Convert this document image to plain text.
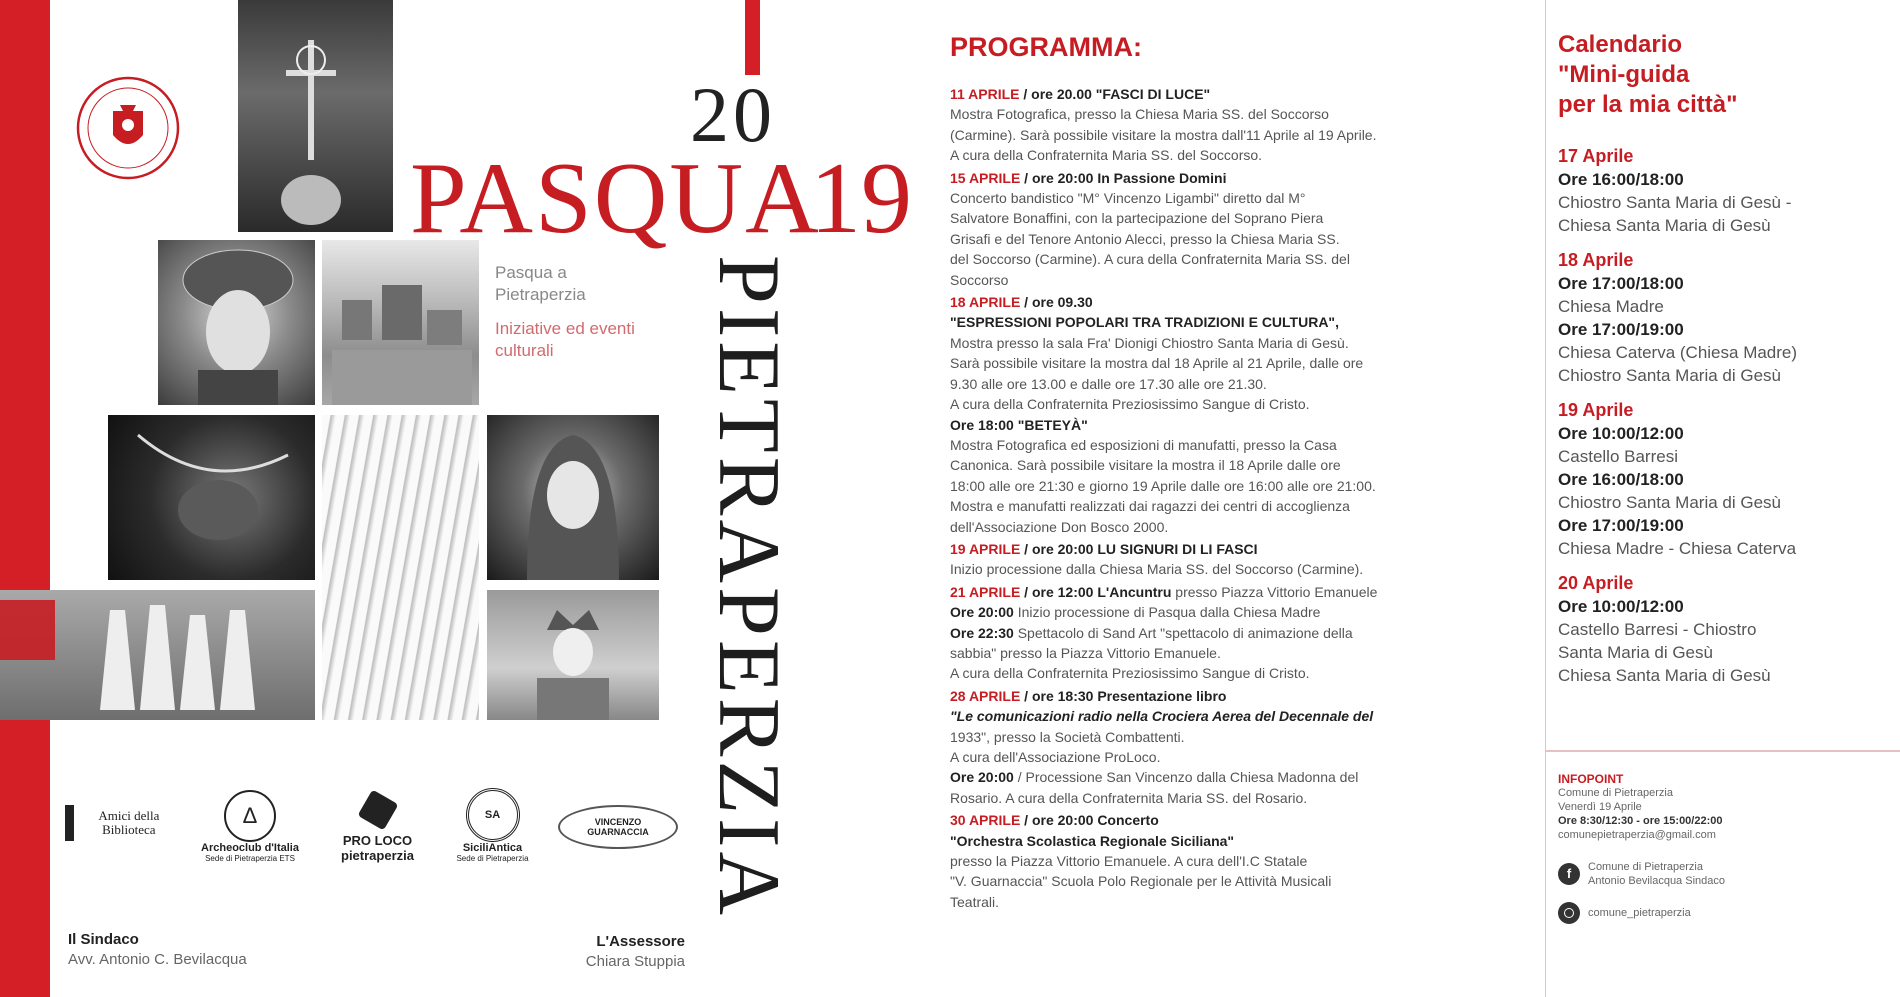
20
PASQUA
19
PIETRAPERZIA
Pasqua a
Pietraperzia
Iniziative ed eventi
culturali
Amici della Biblioteca
Δ
Archeoclub d'Italia
Sede di Pietraperzia ETS
PRO LOCO pietraperzia
SA
SiciliAntica
Sede di Pietraperzia
VINCENZO GUARNACCIA
Il Sindaco
Avv. Antonio C. Bevilacqua
L'Assessore
Chiara Stuppia
PROGRAMMA:
11 APRILE / ore 20.00 "FASCI DI LUCE"
Mostra Fotografica, presso la Chiesa Maria SS. del Soccorso
(Carmine). Sarà possibile visitare la mostra dall'11 Aprile al 19 Aprile.
A cura della Confraternita Maria SS. del Soccorso.
15 APRILE / ore 20:00 In Passione Domini
Concerto bandistico "M° Vincenzo Ligambi" diretto dal M°
Salvatore Bonaffini, con la partecipazione del Soprano Piera
Grisafi e del Tenore Antonio Alecci, presso la Chiesa Maria SS.
del Soccorso (Carmine). A cura della Confraternita Maria SS. del
Soccorso
18 APRILE / ore 09.30
"ESPRESSIONI POPOLARI TRA TRADIZIONI E CULTURA",
Mostra presso la sala Fra' Dionigi Chiostro Santa Maria di Gesù.
Sarà possibile visitare la mostra dal 18 Aprile al 21 Aprile, dalle ore
9.30 alle ore 13.00 e dalle ore 17.30 alle ore 21.30.
A cura della Confraternita Preziosissimo Sangue di Cristo.
Ore 18:00 "BETEYÀ"
Mostra Fotografica ed esposizioni di manufatti, presso la Casa
Canonica. Sarà possibile visitare la mostra il 18 Aprile dalle ore
18:00 alle ore 21:30 e giorno 19 Aprile dalle ore 16:00 alle ore 21:00.
Mostra e manufatti realizzati dai ragazzi dei centri di accoglienza
dell'Associazione Don Bosco 2000.
19 APRILE / ore 20:00 LU SIGNURI DI LI FASCI
Inizio processione dalla Chiesa Maria SS. del Soccorso (Carmine).
21 APRILE / ore 12:00 L'Ancuntru presso Piazza Vittorio Emanuele
Ore 20:00 Inizio processione di Pasqua dalla Chiesa Madre
Ore 22:30 Spettacolo di Sand Art "spettacolo di animazione della
sabbia" presso la Piazza Vittorio Emanuele.
A cura della Confraternita Preziosissimo Sangue di Cristo.
28 APRILE / ore 18:30 Presentazione libro
"Le comunicazioni radio nella Crociera Aerea del Decennale del
1933", presso la Società Combattenti.
A cura dell'Associazione ProLoco.
Ore 20:00 / Processione San Vincenzo dalla Chiesa Madonna del
Rosario. A cura della Confraternita Maria SS. del Rosario.
30 APRILE / ore 20:00 Concerto
"Orchestra Scolastica Regionale Siciliana"
presso la Piazza Vittorio Emanuele. A cura dell'I.C Statale
"V. Guarnaccia" Scuola Polo Regionale per le Attività Musicali
Teatrali.
Calendario
"Mini-guida
per la mia città"
17 Aprile
Ore 16:00/18:00
Chiostro Santa Maria di Gesù -
Chiesa Santa Maria di Gesù
18 Aprile
Ore 17:00/18:00
Chiesa Madre
Ore 17:00/19:00
Chiesa Caterva (Chiesa Madre)
Chiostro Santa Maria di Gesù
19 Aprile
Ore 10:00/12:00
Castello Barresi
Ore 16:00/18:00
Chiostro Santa Maria di Gesù
Ore 17:00/19:00
Chiesa Madre - Chiesa Caterva
20 Aprile
Ore 10:00/12:00
Castello Barresi - Chiostro
Santa Maria di Gesù
Chiesa Santa Maria di Gesù
INFOPOINT
Comune di Pietraperzia
Venerdì 19 Aprile
Ore 8:30/12:30 - ore 15:00/22:00
comunepietraperzia@gmail.com
f	Comune di Pietraperzia
Antonio Bevilacqua Sindaco
comune_pietraperzia
